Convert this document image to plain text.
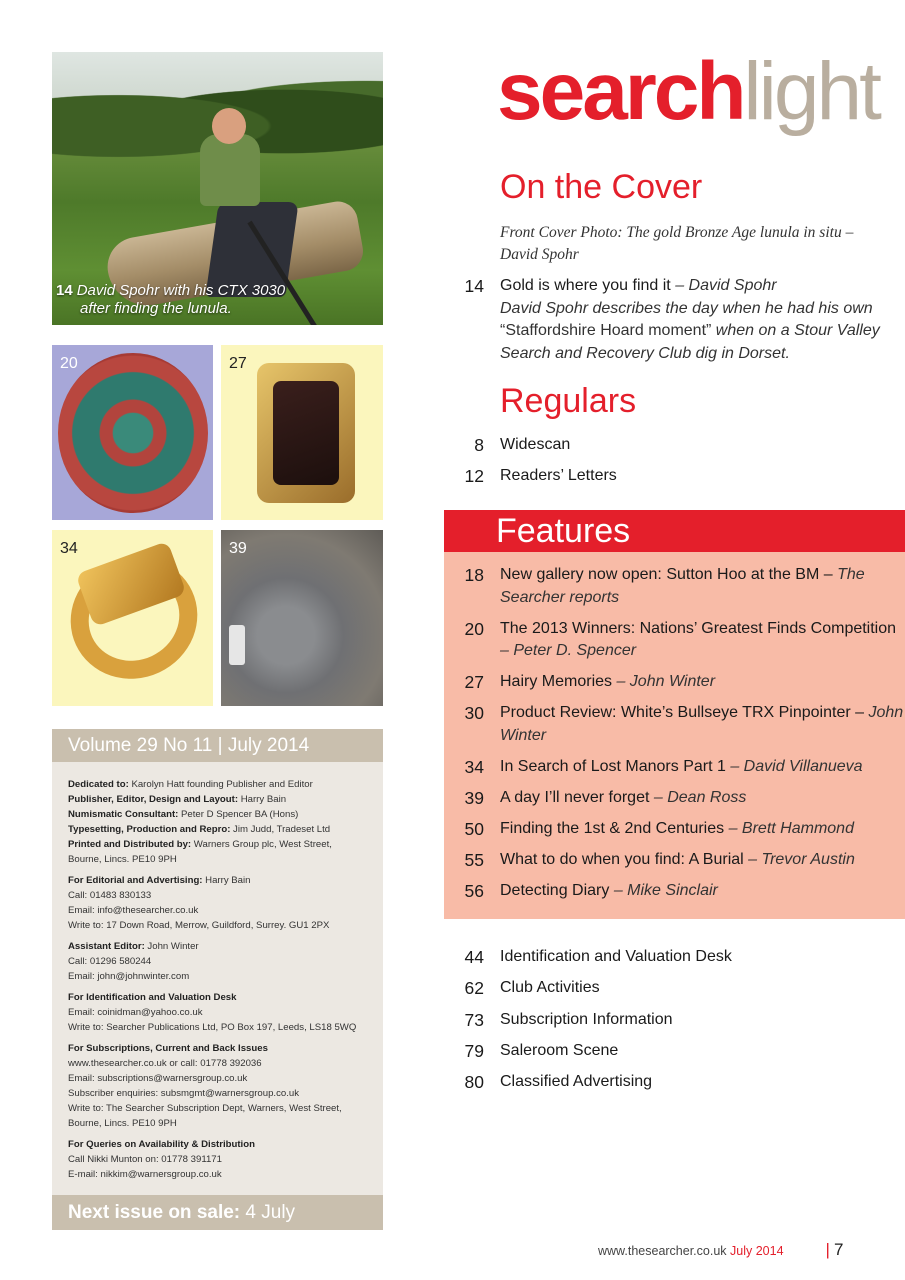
14 David Spohr with his CTX 3030
after finding the lunula.
20	27
34	39
Volume 29 No 11 | July 2014
Dedicated to: Karolyn Hatt founding Publisher and Editor
Publisher, Editor, Design and Layout: Harry Bain
Numismatic Consultant: Peter D Spencer BA (Hons)
Typesetting, Production and Repro: Jim Judd, Tradeset Ltd
Printed and Distributed by: Warners Group plc, West Street, Bourne, Lincs. PE10 9PH
For Editorial and Advertising: Harry Bain
Call: 01483 830133
Email: info@thesearcher.co.uk
Write to: 17 Down Road, Merrow, Guildford, Surrey. GU1 2PX
Assistant Editor: John Winter
Call: 01296 580244
Email: john@johnwinter.com
For Identification and Valuation Desk
Email: coinidman@yahoo.co.uk
Write to: Searcher Publications Ltd, PO Box 197, Leeds, LS18 5WQ
For Subscriptions, Current and Back Issues
www.thesearcher.co.uk or call: 01778 392036
Email: subscriptions@warnersgroup.co.uk
Subscriber enquiries: subsmgmt@warnersgroup.co.uk
Write to: The Searcher Subscription Dept, Warners, West Street, Bourne, Lincs. PE10 9PH
For Queries on Availability & Distribution
Call Nikki Munton on: 01778 391171
E-mail: nikkim@warnersgroup.co.uk
Next issue on sale: 4 July
searchlight
On the Cover
Front Cover Photo: The gold Bronze Age lunula in situ – David Spohr
14	Gold is where you find it – David Spohr
David Spohr describes the day when he had his own “Staffordshire Hoard moment” when on a Stour Valley Search and Recovery Club dig in Dorset.
Regulars
8	Widescan
12	Readers’ Letters
Features
18	New gallery now open: Sutton Hoo at the BM – The Searcher reports
20	The 2013 Winners: Nations’ Greatest Finds Competition – Peter D. Spencer
27	Hairy Memories – John Winter
30	Product Review: White’s Bullseye TRX Pinpointer – John Winter
34	In Search of Lost Manors Part 1 – David Villanueva
39	A day I’ll never forget – Dean Ross
50	Finding the 1st & 2nd Centuries – Brett Hammond
55	What to do when you find: A Burial – Trevor Austin
56	Detecting Diary – Mike Sinclair
44	Identification and Valuation Desk
62	Club Activities
73	Subscription Information
79	Saleroom Scene
80	Classified Advertising
www.thesearcher.co.uk July 2014 | 7
